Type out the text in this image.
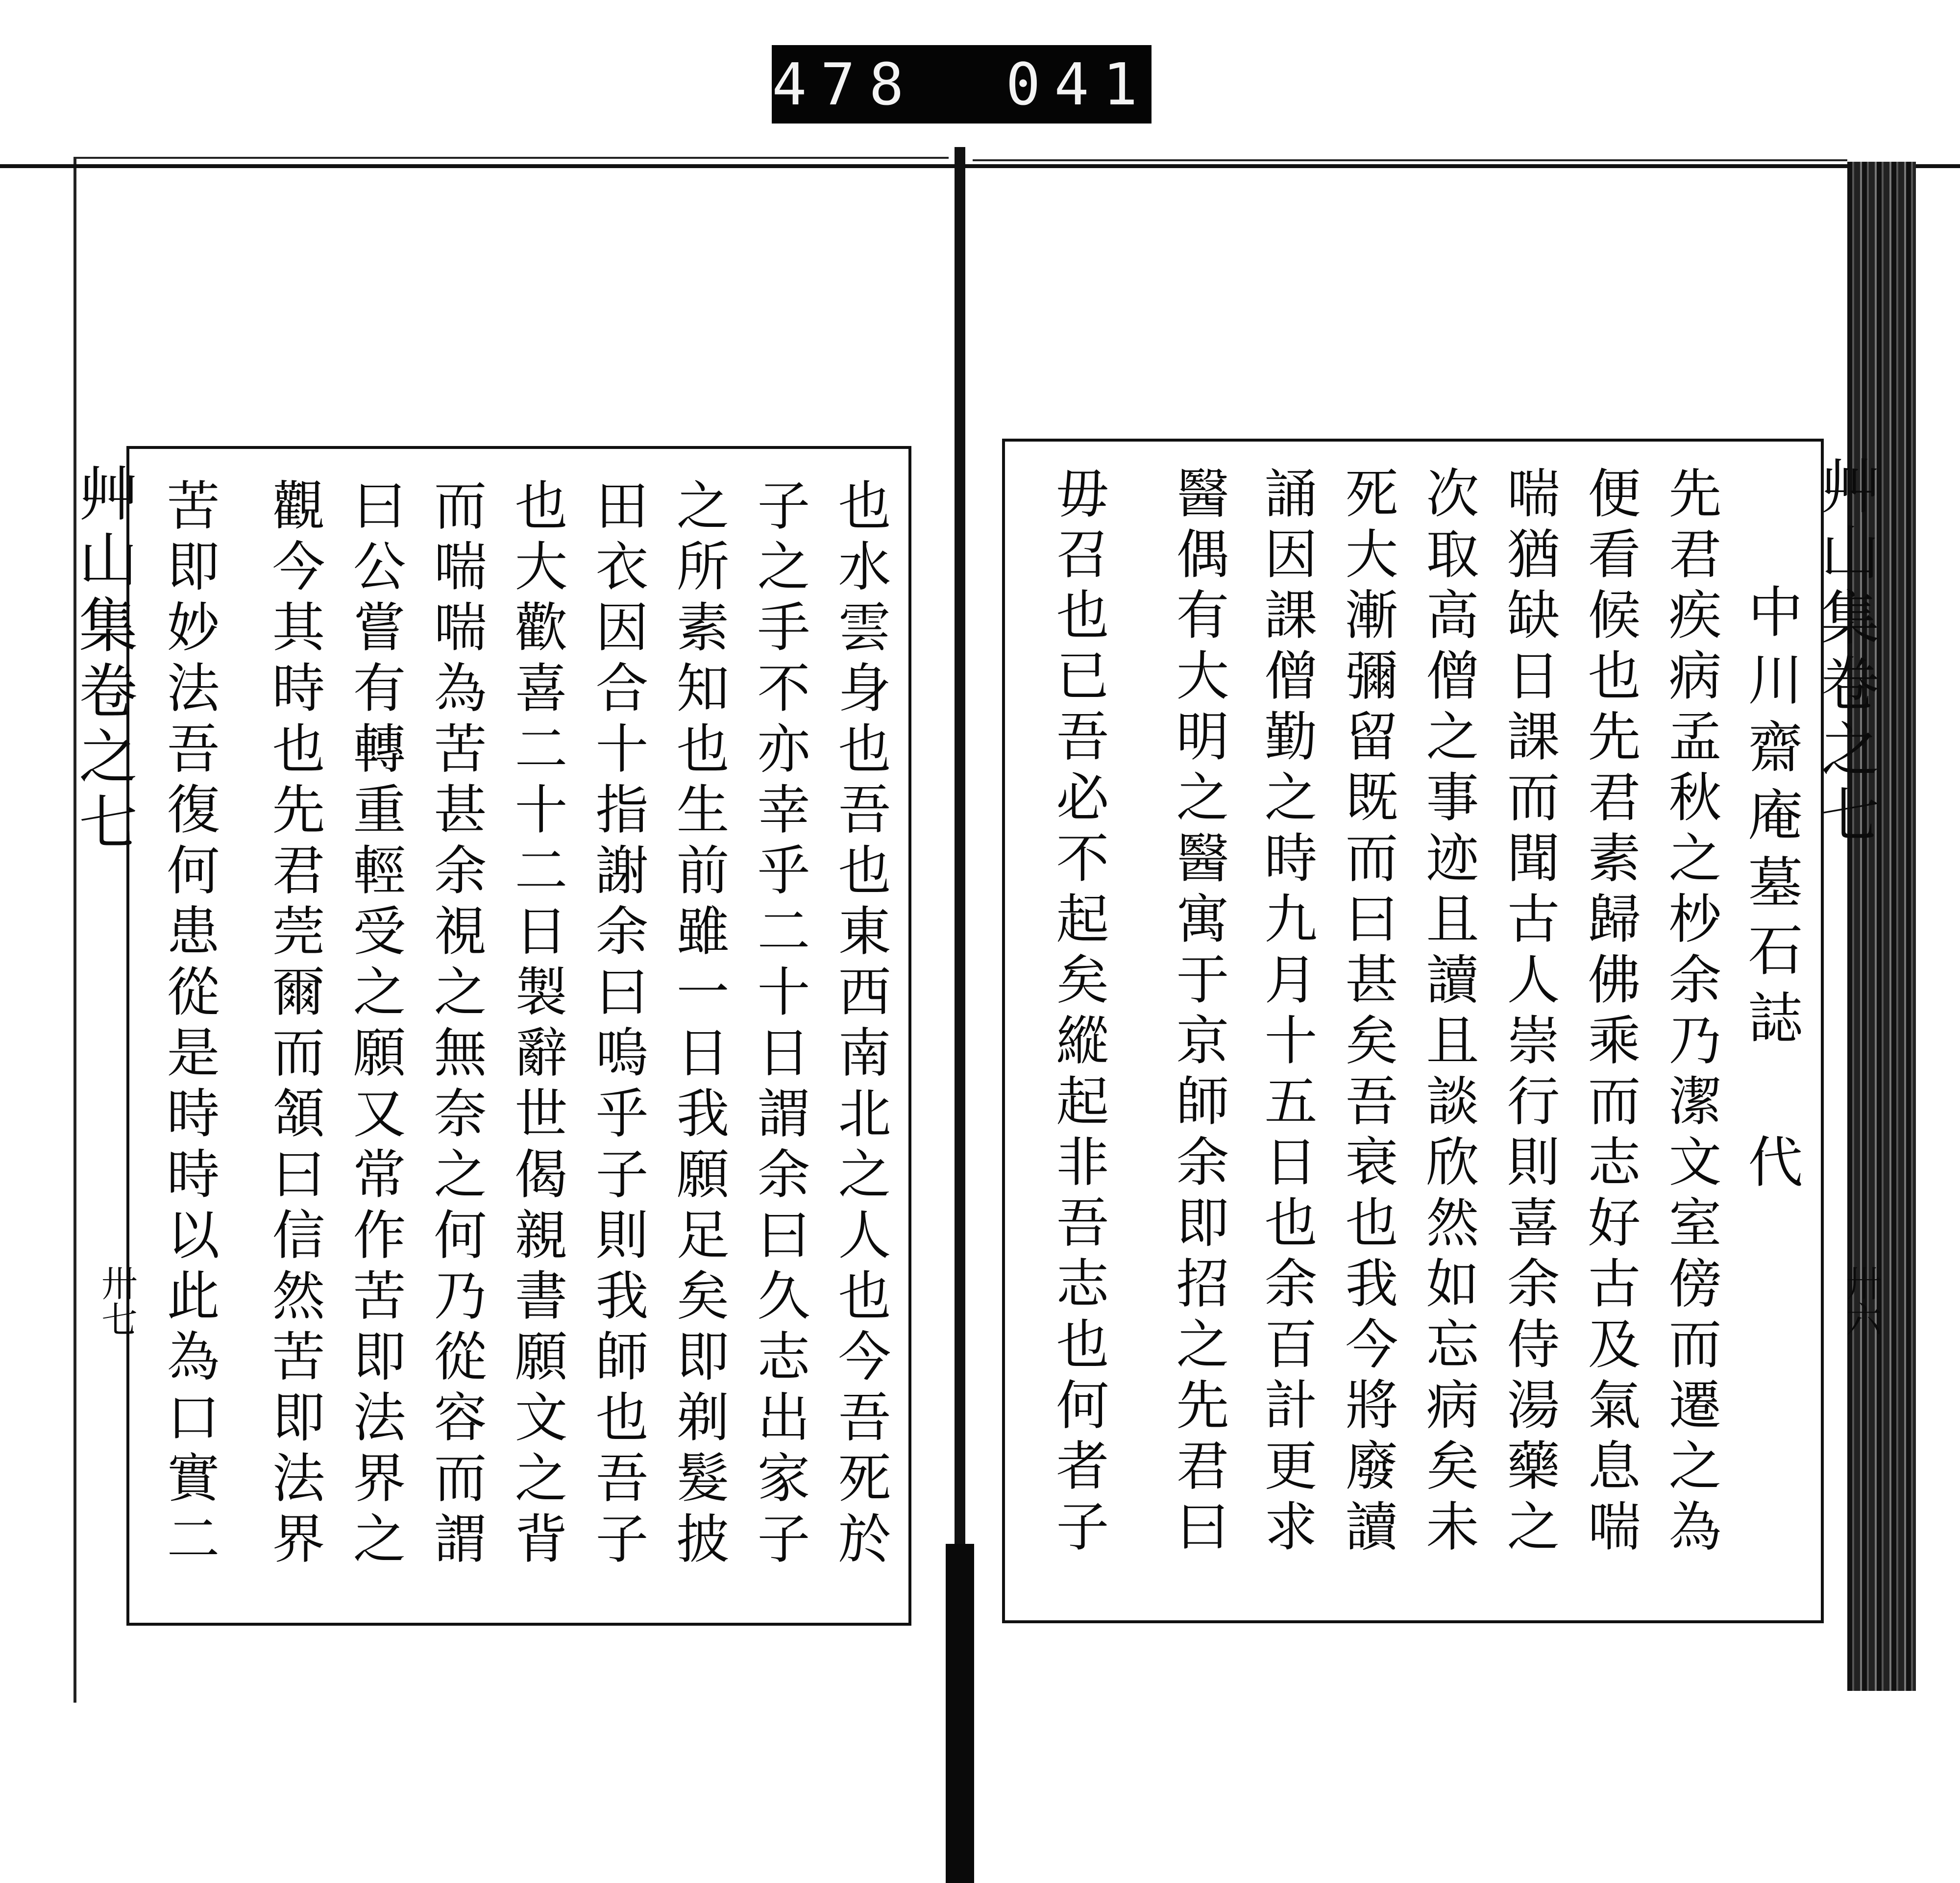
478 041
艸山集卷之七
卅七	也水雲身也吾也東西南北之人也今吾死於
子之手不亦幸乎二十日謂余曰久志出家子
之所素知也生前雖一日我願足矣即剃髮披
田衣因合十指謝余曰嗚乎子則我師也吾子
也大歡喜二十二日製辭世偈親書願文之背
而喘喘為苦甚余視之無奈之何乃從容而謂
曰公嘗有轉重輕受之願又常作苦即法界之
觀今其時也先君莞爾而頷曰信然苦即法界
苦即妙法吾復何患從是時時以此為口實二	艸山集卷之七
卅六
中川齋庵墓石誌 代
先君疾病孟秋之杪余乃潔文室傍而遷之為
便看候也先君素歸佛乘而志好古及氣息喘
喘猶缺日課而聞古人崇行則喜余侍湯藥之
次取高僧之事迹且讀且談欣然如忘病矣未
死大漸彌留既而曰甚矣吾衰也我今將廢讀
誦因課僧勤之時九月十五日也余百計更求
醫偶有大明之醫寓于京師余即招之先君曰
毋召也已吾必不起矣縱起非吾志也何者子
